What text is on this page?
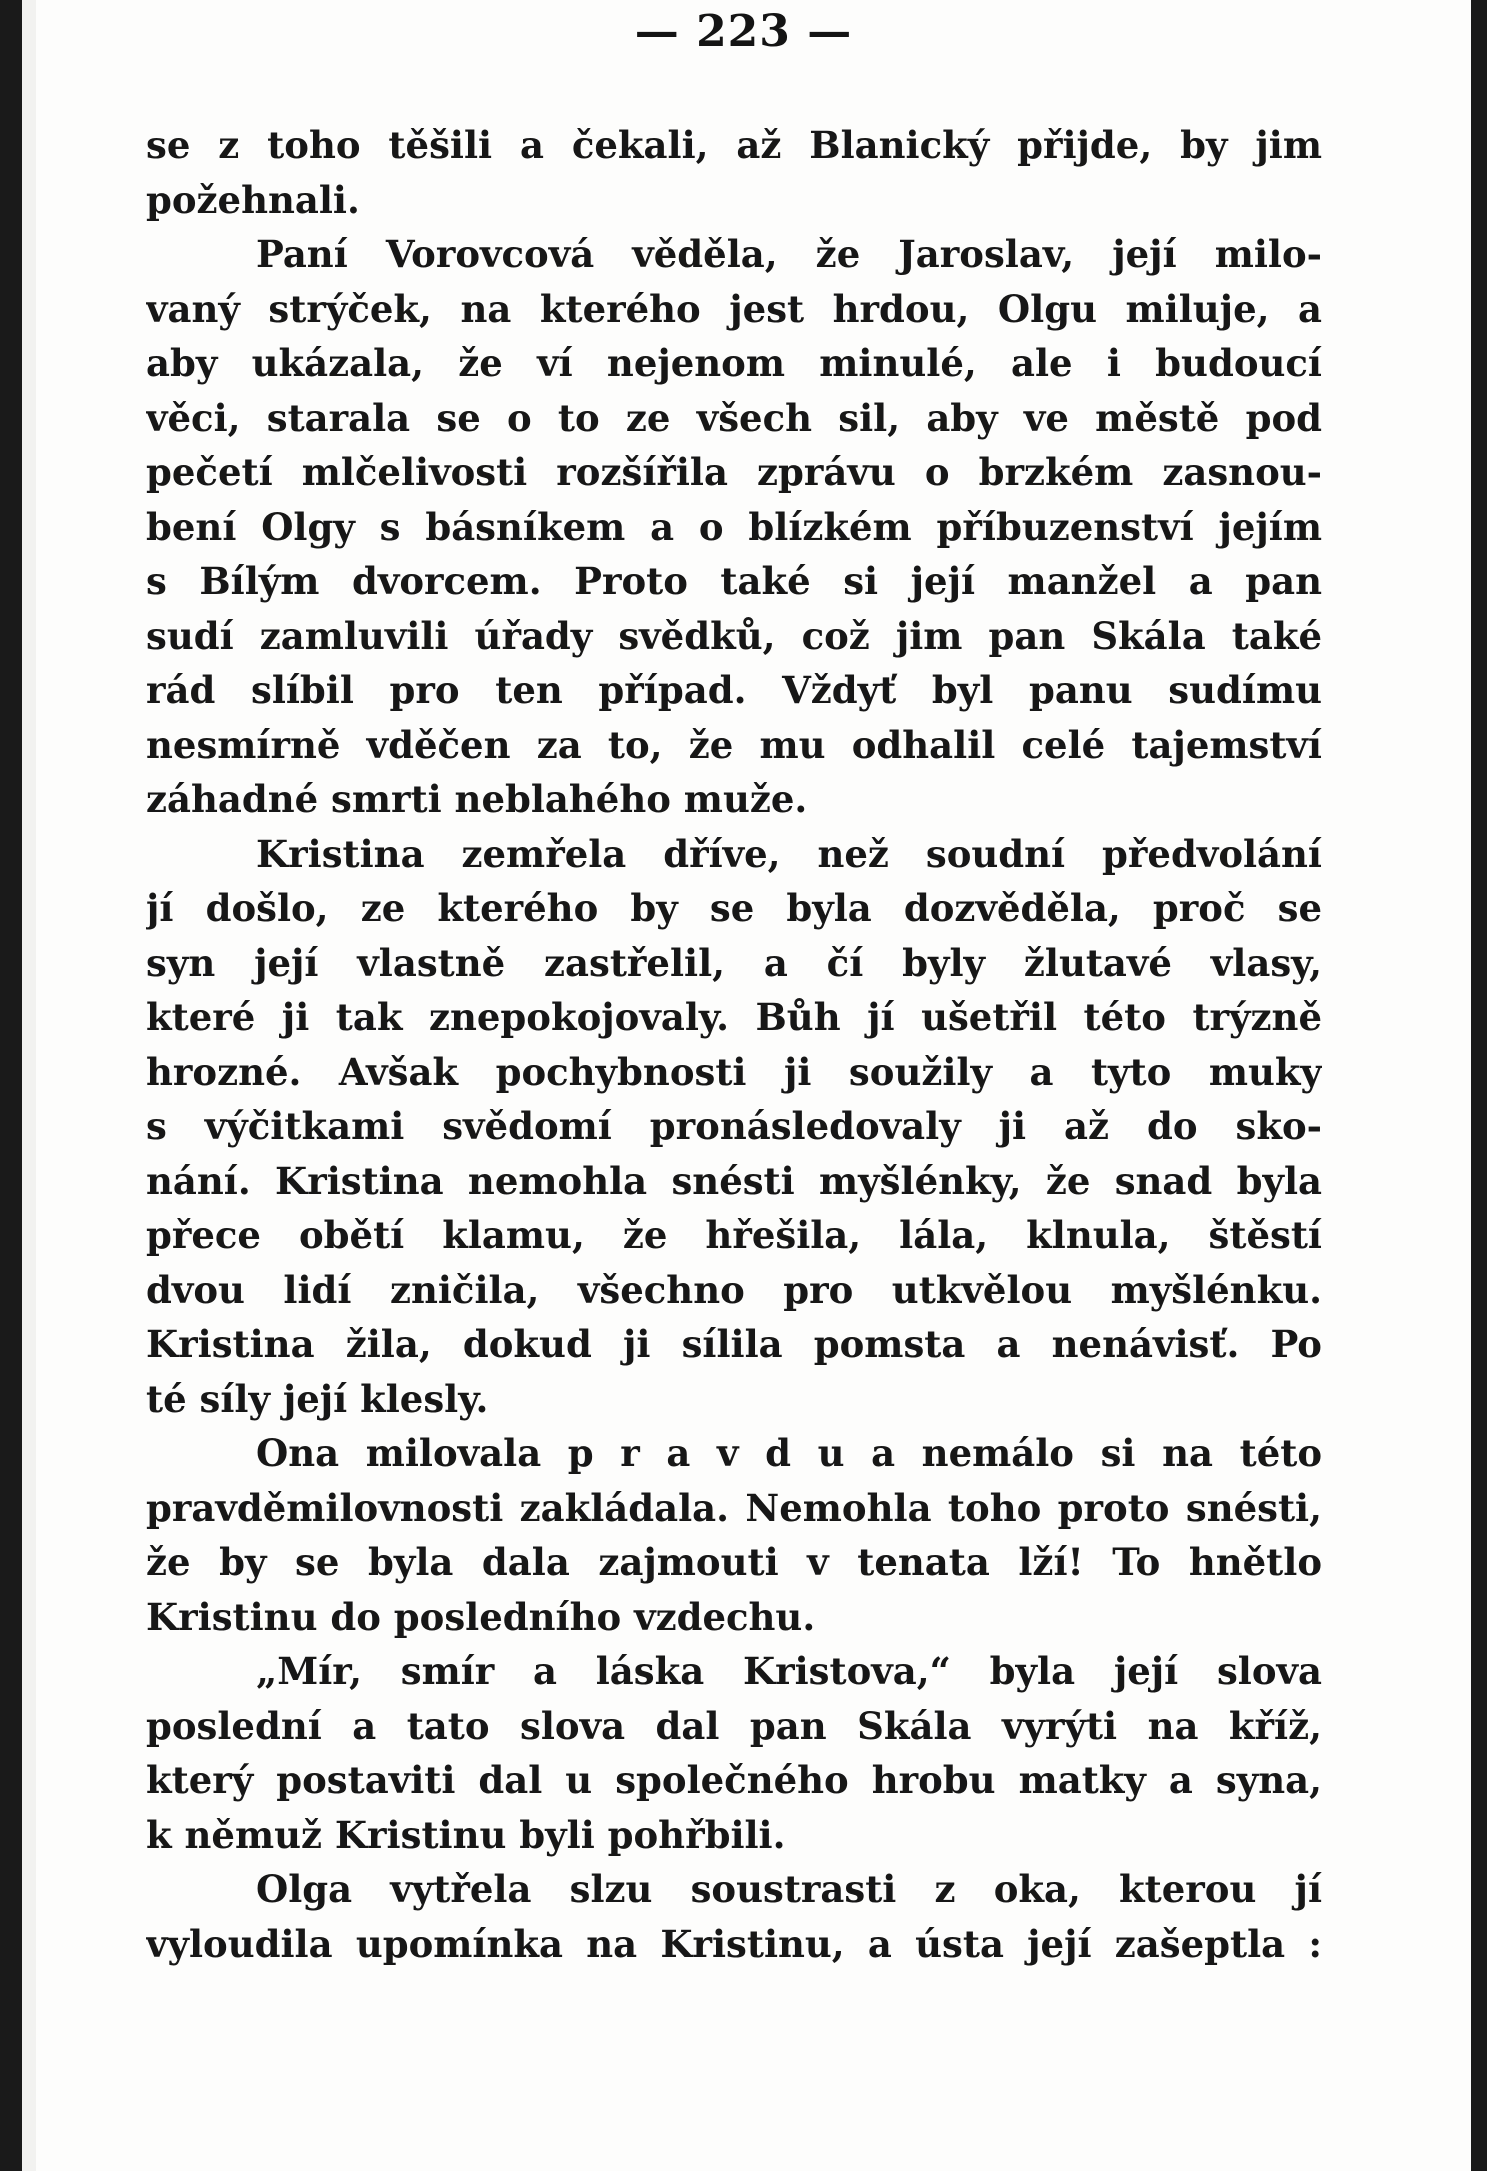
— 223 —
se z toho těšili a čekali, až Blanický přijde, by jim
požehnali.
Paní Vorovcová věděla, že Jaroslav, její milo-
vaný strýček, na kterého jest hrdou, Olgu miluje, a
aby ukázala, že ví nejenom minulé, ale i budoucí
věci, starala se o to ze všech sil, aby ve městě pod
pečetí mlčelivosti rozšířila zprávu o brzkém zasnou-
bení Olgy s básníkem a o blízkém příbuzenství jejím
s Bílým dvorcem. Proto také si její manžel a pan
sudí zamluvili úřady svědků, což jim pan Skála také
rád slíbil pro ten případ. Vždyť byl panu sudímu
nesmírně vděčen za to, že mu odhalil celé tajemství
záhadné smrti neblahého muže.
Kristina zemřela dříve, než soudní předvolání
jí došlo, ze kterého by se byla dozvěděla, proč se
syn její vlastně zastřelil, a čí byly žlutavé vlasy,
které ji tak znepokojovaly. Bůh jí ušetřil této trýzně
hrozné. Avšak pochybnosti ji soužily a tyto muky
s výčitkami svědomí pronásledovaly ji až do sko-
nání. Kristina nemohla snésti myšlénky, že snad byla
přece obětí klamu, že hřešila, lála, klnula, štěstí
dvou lidí zničila, všechno pro utkvělou myšlénku.
Kristina žila, dokud ji sílila pomsta a nenávisť. Po
té síly její klesly.
Ona milovala p r a v d u a nemálo si na této
pravděmilovnosti zakládala. Nemohla toho proto snésti,
že by se byla dala zajmouti v tenata lží! To hnětlo
Kristinu do posledního vzdechu.
„Mír, smír a láska Kristova,“ byla její slova
poslední a tato slova dal pan Skála vyrýti na kříž,
který postaviti dal u společného hrobu matky a syna,
k němuž Kristinu byli pohřbili.
Olga vytřela slzu soustrasti z oka, kterou jí
vyloudila upomínka na Kristinu, a ústa její zašeptla :
